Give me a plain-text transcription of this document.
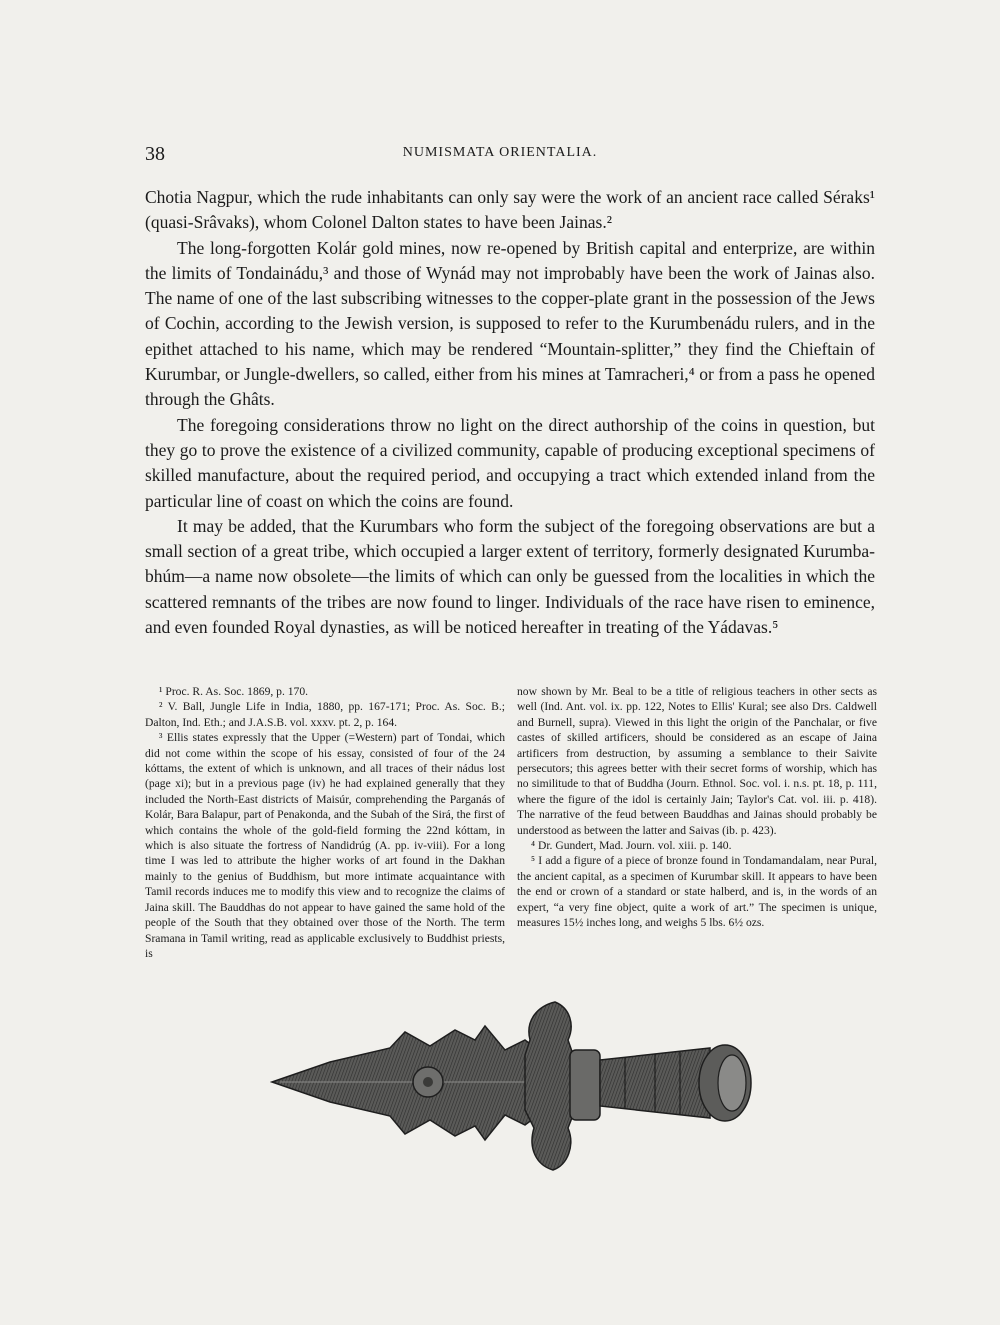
38	NUMISMATA ORIENTALIA.

Chotia Nagpur, which the rude inhabitants can only say were the work of an ancient race called Séraks¹ (quasi-Srâvaks), whom Colonel Dalton states to have been Jainas.²

The long-forgotten Kolár gold mines, now re-opened by British capital and enterprize, are within the limits of Tondainádu,³ and those of Wynád may not improbably have been the work of Jainas also. The name of one of the last subscribing witnesses to the copper-plate grant in the possession of the Jews of Cochin, according to the Jewish version, is supposed to refer to the Kurumbenádu rulers, and in the epithet attached to his name, which may be rendered “Mountain-splitter,” they find the Chieftain of Kurumbar, or Jungle-dwellers, so called, either from his mines at Tamracheri,⁴ or from a pass he opened through the Ghâts.

The foregoing considerations throw no light on the direct authorship of the coins in question, but they go to prove the existence of a civilized community, capable of producing exceptional specimens of skilled manufacture, about the required period, and occupying a tract which extended inland from the particular line of coast on which the coins are found.

It may be added, that the Kurumbars who form the subject of the foregoing observations are but a small section of a great tribe, which occupied a larger extent of territory, formerly designated Kurumba-bhúm—a name now obsolete—the limits of which can only be guessed from the localities in which the scattered remnants of the tribes are now found to linger. Individuals of the race have risen to eminence, and even founded Royal dynasties, as will be noticed hereafter in treating of the Yádavas.⁵

¹ Proc. R. As. Soc. 1869, p. 170.

² V. Ball, Jungle Life in India, 1880, pp. 167-171; Proc. As. Soc. B.; Dalton, Ind. Eth.; and J.A.S.B. vol. xxxv. pt. 2, p. 164.

³ Ellis states expressly that the Upper (=Western) part of Tondai, which did not come within the scope of his essay, consisted of four of the 24 kóttams, the extent of which is unknown, and all traces of their nádus lost (page xi); but in a previous page (iv) he had explained generally that they included the North-East districts of Maisúr, comprehending the Parganás of Kolár, Bara Balapur, part of Penakonda, and the Subah of the Sirá, the first of which contains the whole of the gold-field forming the 22nd kóttam, in which is also situate the fortress of Nandidrúg (A. pp. iv-viii). For a long time I was led to attribute the higher works of art found in the Dakhan mainly to the genius of Buddhism, but more intimate acquaintance with Tamil records induces me to modify this view and to recognize the claims of Jaina skill. The Bauddhas do not appear to have gained the same hold of the people of the South that they obtained over those of the North. The term Sramana in Tamil writing, read as applicable exclusively to Buddhist priests, is

now shown by Mr. Beal to be a title of religious teachers in other sects as well (Ind. Ant. vol. ix. pp. 122, Notes to Ellis' Kural; see also Drs. Caldwell and Burnell, supra). Viewed in this light the origin of the Panchalar, or five castes of skilled artificers, should be considered as an escape of Jaina artificers from destruction, by assuming a semblance to their Saivite persecutors; this agrees better with their secret forms of worship, which has no similitude to that of Buddha (Journ. Ethnol. Soc. vol. i. n.s. pt. 18, p. 111, where the figure of the idol is certainly Jain; Taylor's Cat. vol. iii. p. 418). The narrative of the feud between Bauddhas and Jainas should probably be understood as between the latter and Saivas (ib. p. 423).

⁴ Dr. Gundert, Mad. Journ. vol. xiii. p. 140.

⁵ I add a figure of a piece of bronze found in Tondamandalam, near Pural, the ancient capital, as a specimen of Kurumbar skill. It appears to have been the end or crown of a standard or state halberd, and is, in the words of an expert, “a very fine object, quite a work of art.” The specimen is unique, measures 15½ inches long, and weighs 5 lbs. 6½ ozs.
